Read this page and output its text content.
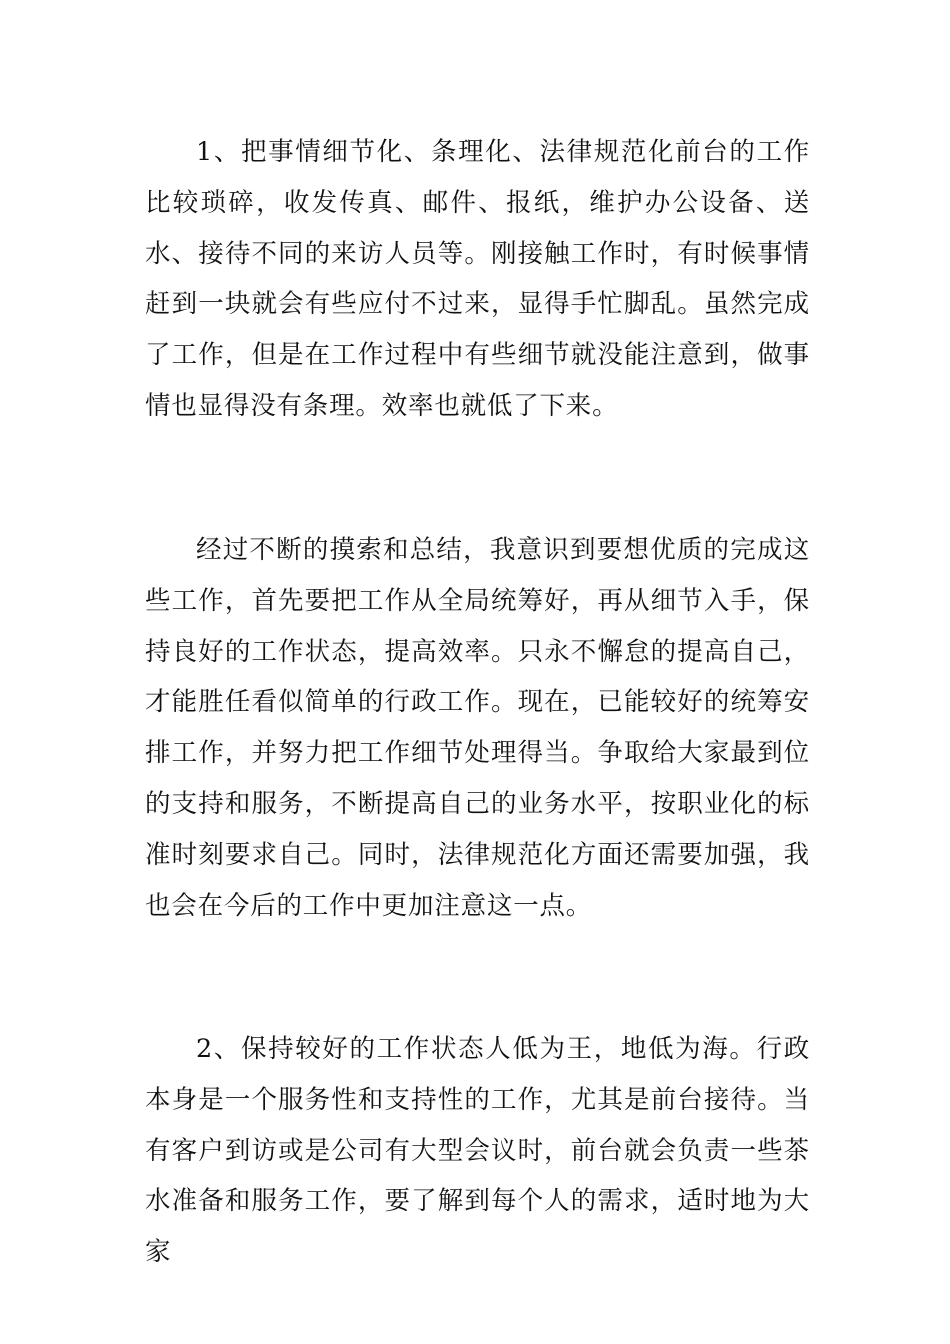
1、把事情细节化、条理化、法律规范化前台的工作比较琐碎，收发传真、邮件、报纸，维护办公设备、送水、接待不同的来访人员等。刚接触工作时，有时候事情赶到一块就会有些应付不过来，显得手忙脚乱。虽然完成了工作，但是在工作过程中有些细节就没能注意到，做事情也显得没有条理。效率也就低了下来。

经过不断的摸索和总结，我意识到要想优质的完成这些工作，首先要把工作从全局统筹好，再从细节入手，保持良好的工作状态，提高效率。只永不懈怠的提高自己，才能胜任看似简单的行政工作。现在，已能较好的统筹安排工作，并努力把工作细节处理得当。争取给大家最到位的支持和服务，不断提高自己的业务水平，按职业化的标准时刻要求自己。同时，法律规范化方面还需要加强，我也会在今后的工作中更加注意这一点。

2、保持较好的工作状态人低为王，地低为海。行政本身是一个服务性和支持性的工作，尤其是前台接待。当有客户到访或是公司有大型会议时，前台就会负责一些茶水准备和服务工作，要了解到每个人的需求，适时地为大家
